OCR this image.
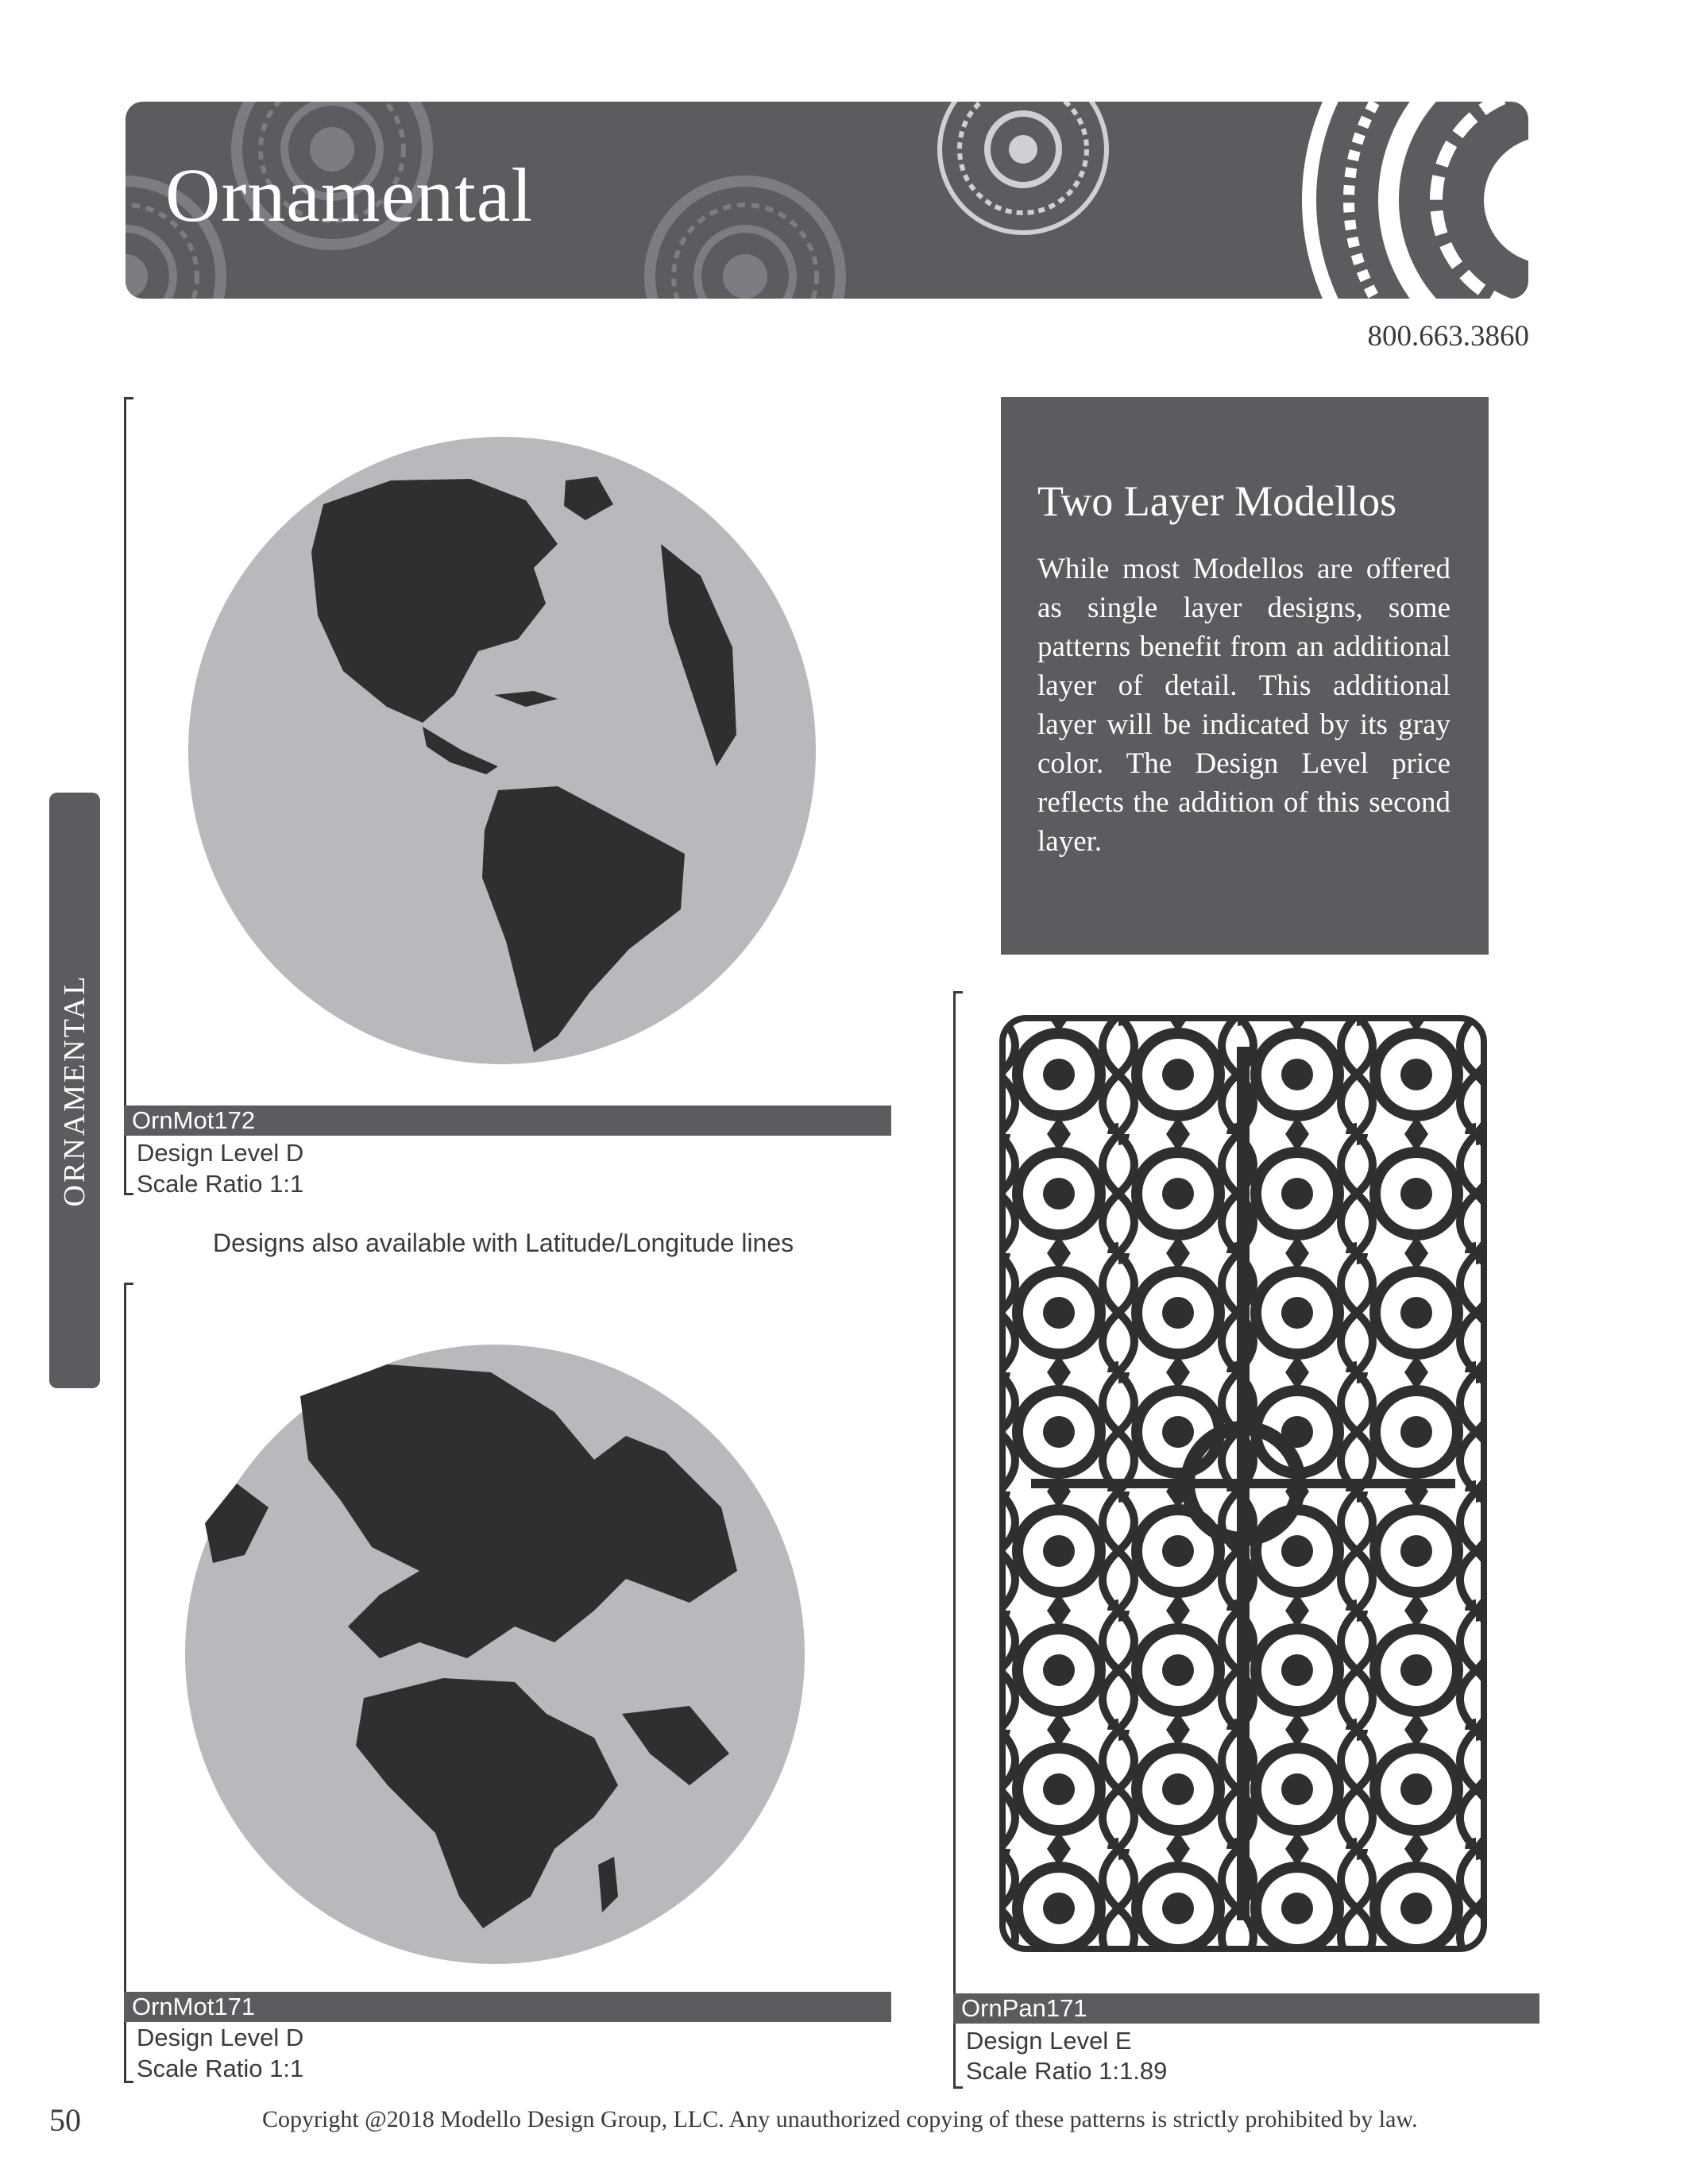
Ornamental
800.663.3860
ORNAMENTAL	OrnMot172
Design Level D
Scale Ratio 1:1
Designs also available with Latitude/Longitude lines
OrnMot171
Design Level D
Scale Ratio 1:1
Two Layer Modellos

While most Modellos are offered as single layer designs, some patterns benefit from an additional layer of detail. This additional layer will be indicated by its gray color. The Design Level price reflects the addition of this second layer.

OrnPan171
Design Level E
Scale Ratio 1:1.89
50	Copyright @2018 Modello Design Group, LLC. Any unauthorized copying of these patterns is strictly prohibited by law.
